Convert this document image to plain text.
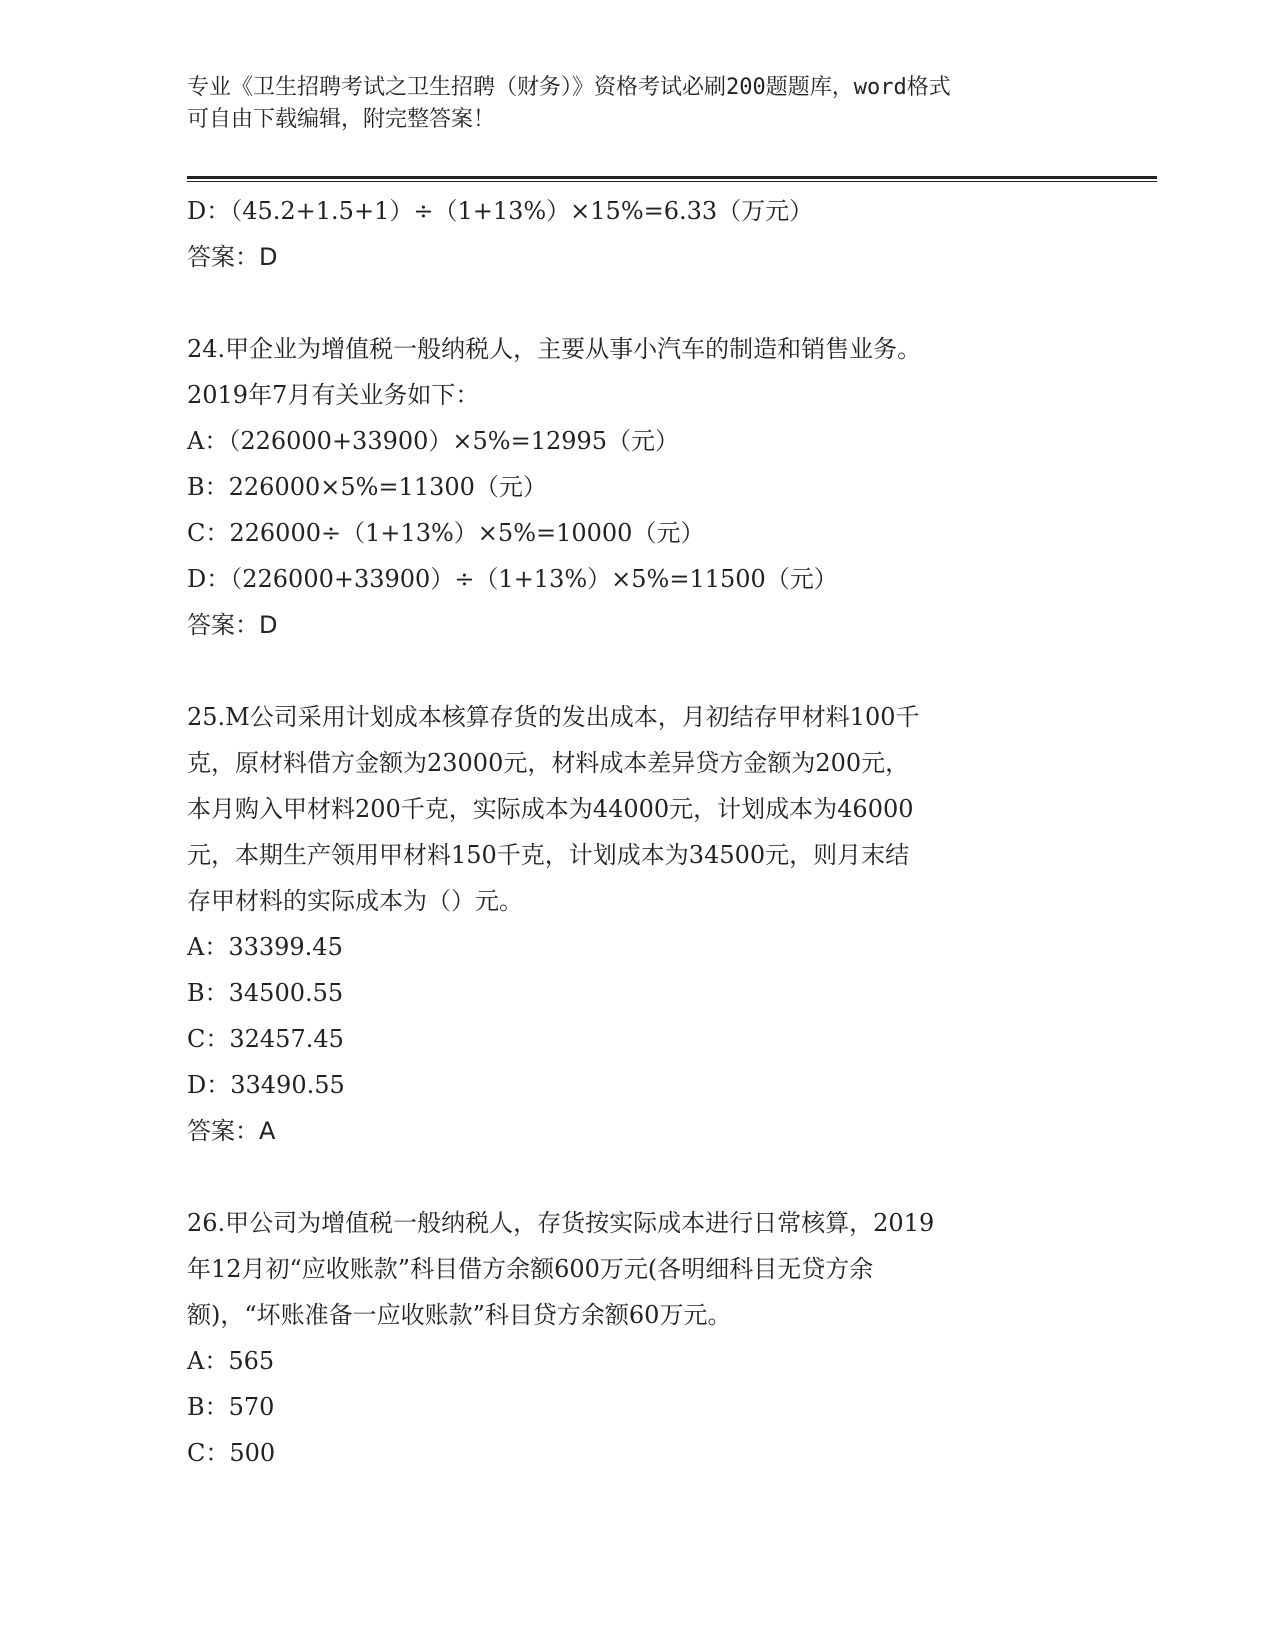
专业《卫生招聘考试之卫生招聘（财务）》资格考试必刷200题题库，word格式
可自由下载编辑，附完整答案！
D：（45.2+1.5+1）÷（1+13%）×15%=6.33（万元）
答案：D
24.甲企业为增值税一般纳税人，主要从事小汽车的制造和销售业务。
2019年7月有关业务如下：
A：（226000+33900）×5%=12995（元）
B：226000×5%=11300（元）
C：226000÷（1+13%）×5%=10000（元）
D：（226000+33900）÷（1+13%）×5%=11500（元）
答案：D
25.M公司采用计划成本核算存货的发出成本，月初结存甲材料100千
克，原材料借方金额为23000元，材料成本差异贷方金额为200元，
本月购入甲材料200千克，实际成本为44000元，计划成本为46000
元，本期生产领用甲材料150千克，计划成本为34500元，则月末结
存甲材料的实际成本为（）元。
A：33399.45
B：34500.55
C：32457.45
D：33490.55
答案：A
26.甲公司为增值税一般纳税人，存货按实际成本进行日常核算，2019
年12月初“应收账款”科目借方余额600万元(各明细科目无贷方余
额)，“坏账准备一应收账款”科目贷方余额60万元。
A：565
B：570
C：500
